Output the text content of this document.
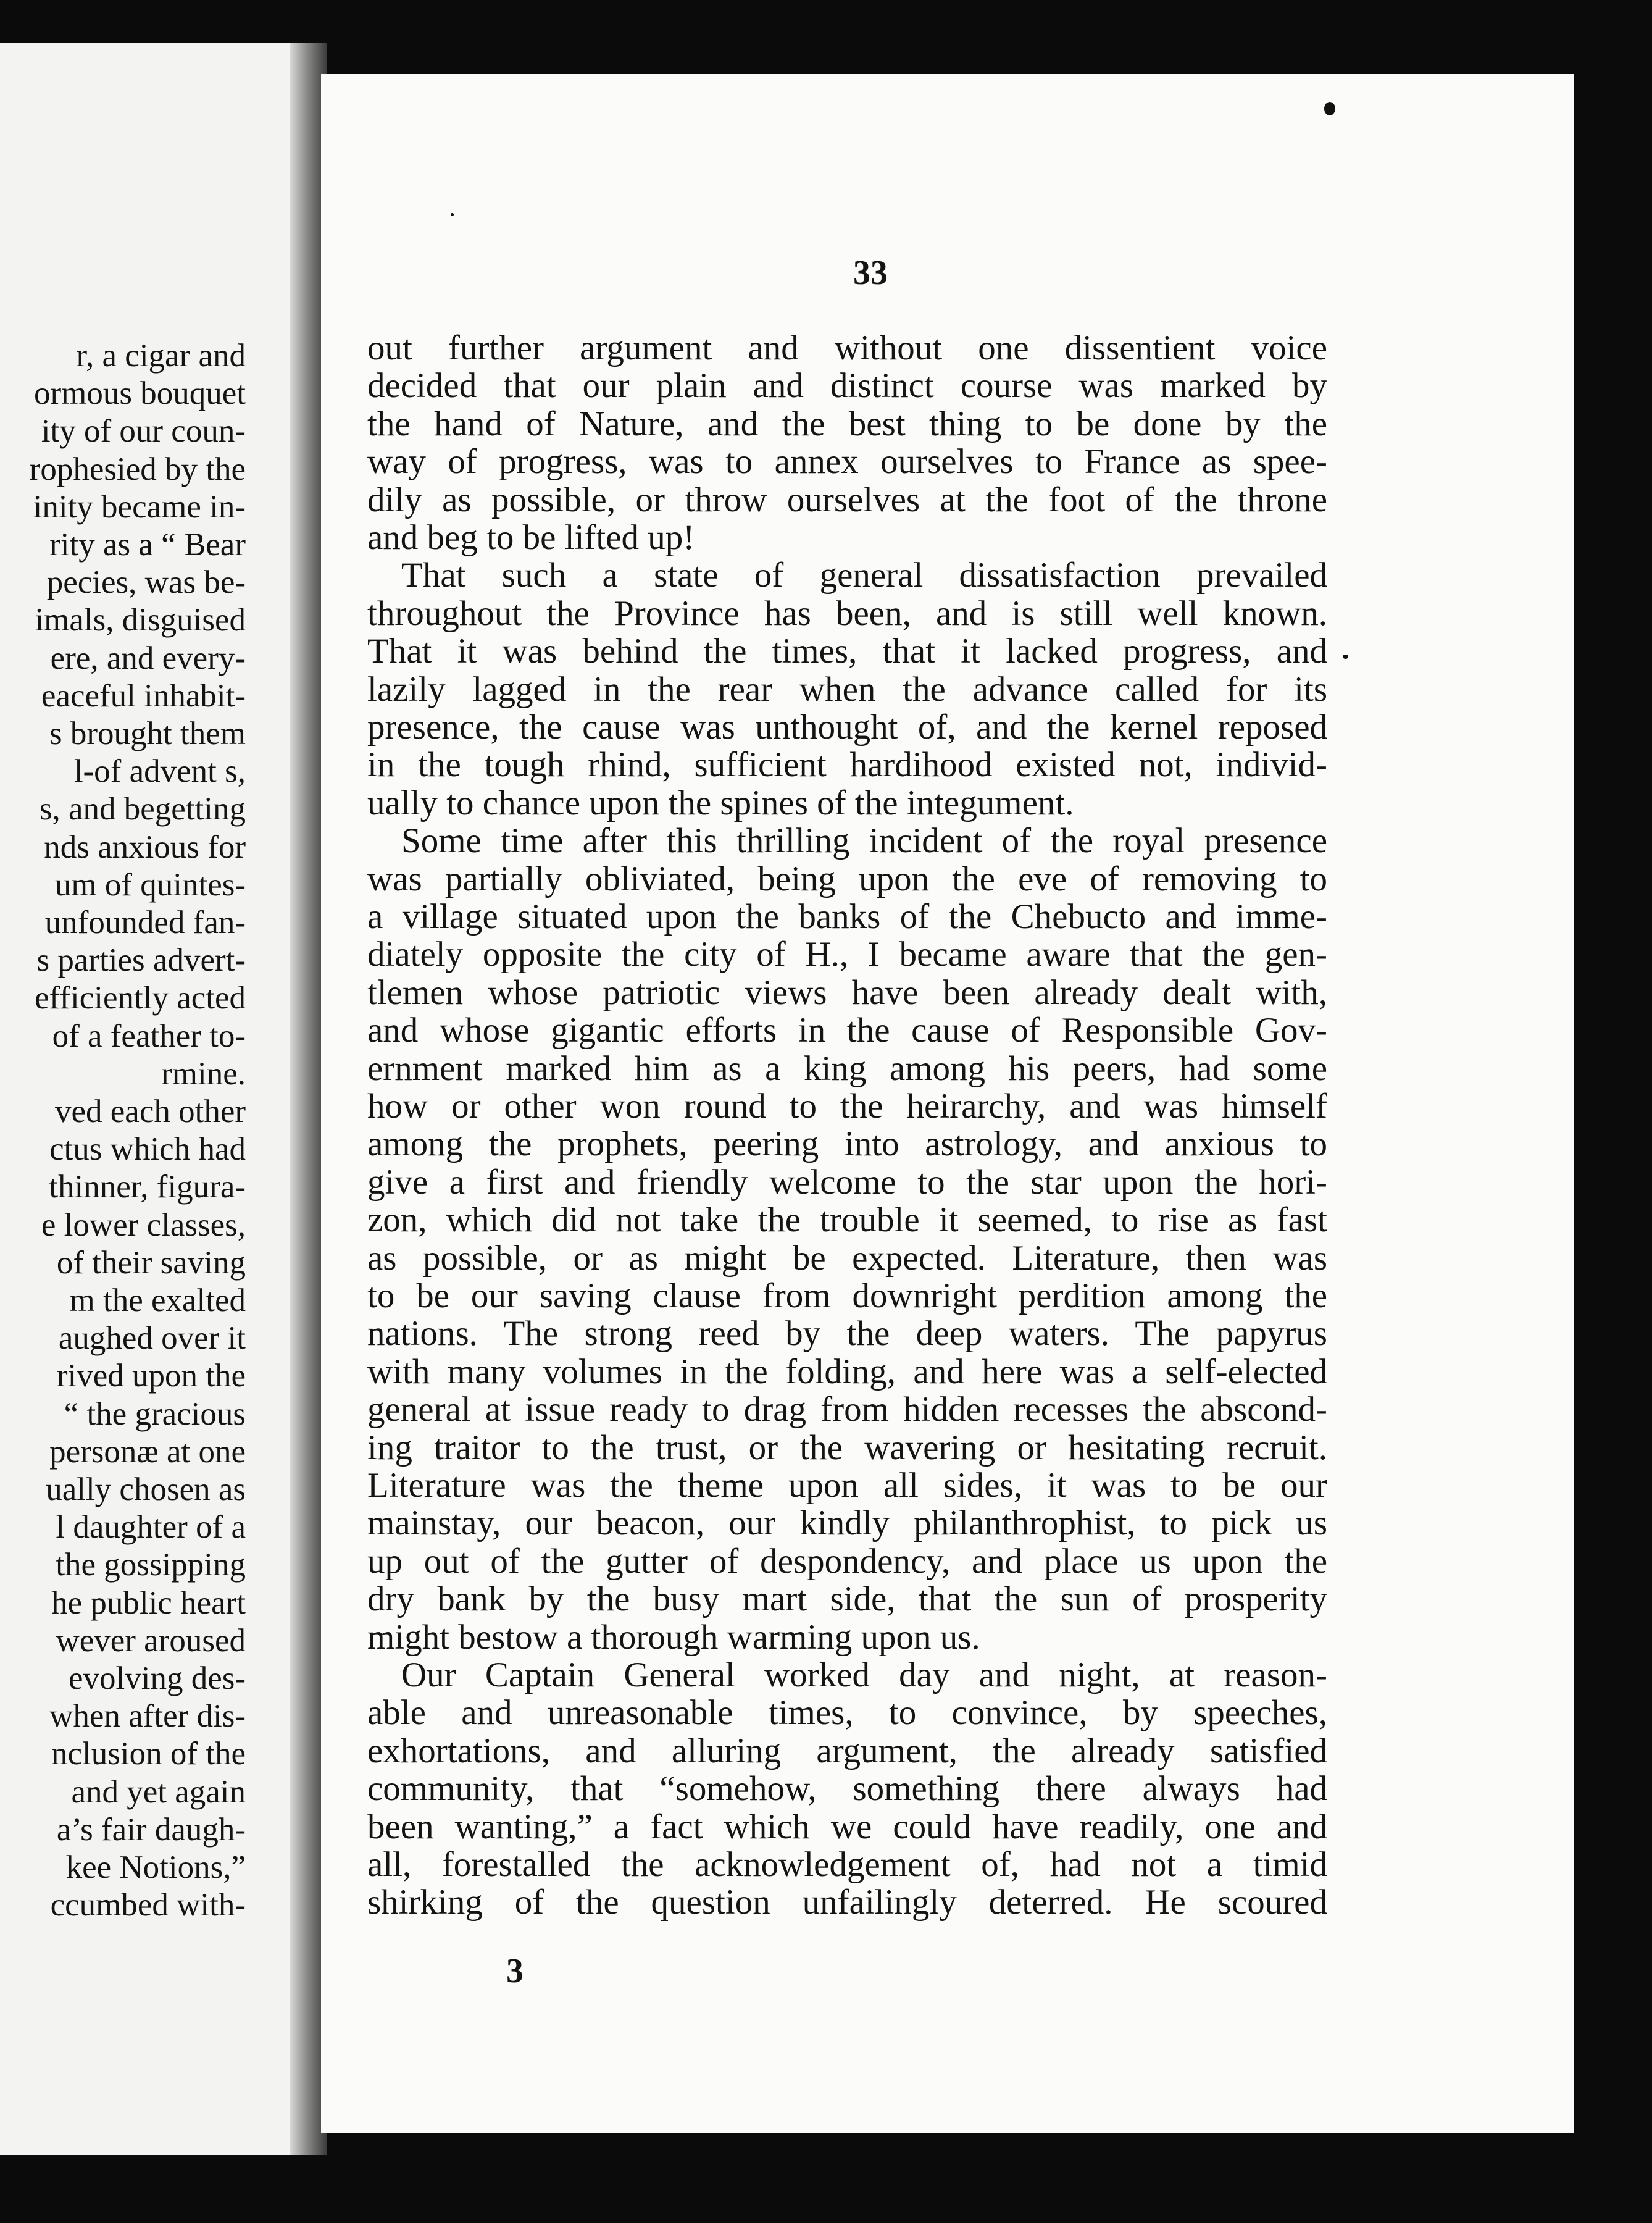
r, a cigar and
ormous bouquet
ity of our coun-
rophesied by the
inity became in-
rity as a “ Bear
pecies, was be-
imals, disguised
ere, and every-
eaceful inhabit-
s brought them
l-of advent s,
s, and begetting
nds anxious for
um of quintes-
unfounded fan-
s parties advert-
efficiently acted
of a feather to-
rmine.
ved each other
ctus which had
thinner, figura-
e lower classes,
of their saving
m the exalted
aughed over it
rived upon the
“ the gracious
personæ at one
ually chosen as
l daughter of a
the gossipping
he public heart
wever aroused
evolving des-
when after dis-
nclusion of the
and yet again
a’s fair daugh-
kee Notions,”
ccumbed with-
33
out further argument and without one dissentient voice
decided that our plain and distinct course was marked by
the hand of Nature, and the best thing to be done by the
way of progress, was to annex ourselves to France as spee-
dily as possible, or throw ourselves at the foot of the throne
and beg to be lifted up!
That such a state of general dissatisfaction prevailed
throughout the Province has been, and is still well known.
That it was behind the times, that it lacked progress, and
lazily lagged in the rear when the advance called for its
presence, the cause was unthought of, and the kernel reposed
in the tough rhind, sufficient hardihood existed not, individ-
ually to chance upon the spines of the integument.
Some time after this thrilling incident of the royal presence
was partially obliviated, being upon the eve of removing to
a village situated upon the banks of the Chebucto and imme-
diately opposite the city of H., I became aware that the gen-
tlemen whose patriotic views have been already dealt with,
and whose gigantic efforts in the cause of Responsible Gov-
ernment marked him as a king among his peers, had some
how or other won round to the heirarchy, and was himself
among the prophets, peering into astrology, and anxious to
give a first and friendly welcome to the star upon the hori-
zon, which did not take the trouble it seemed, to rise as fast
as possible, or as might be expected. Literature, then was
to be our saving clause from downright perdition among the
nations. The strong reed by the deep waters. The papyrus
with many volumes in the folding, and here was a self-elected
general at issue ready to drag from hidden recesses the abscond-
ing traitor to the trust, or the wavering or hesitating recruit.
Literature was the theme upon all sides, it was to be our
mainstay, our beacon, our kindly philanthrophist, to pick us
up out of the gutter of despondency, and place us upon the
dry bank by the busy mart side, that the sun of prosperity
might bestow a thorough warming upon us.
Our Captain General worked day and night, at reason-
able and unreasonable times, to convince, by speeches,
exhortations, and alluring argument, the already satisfied
community, that “somehow, something there always had
been wanting,” a fact which we could have readily, one and
all, forestalled the acknowledgement of, had not a timid
shirking of the question unfailingly deterred. He scoured
3
